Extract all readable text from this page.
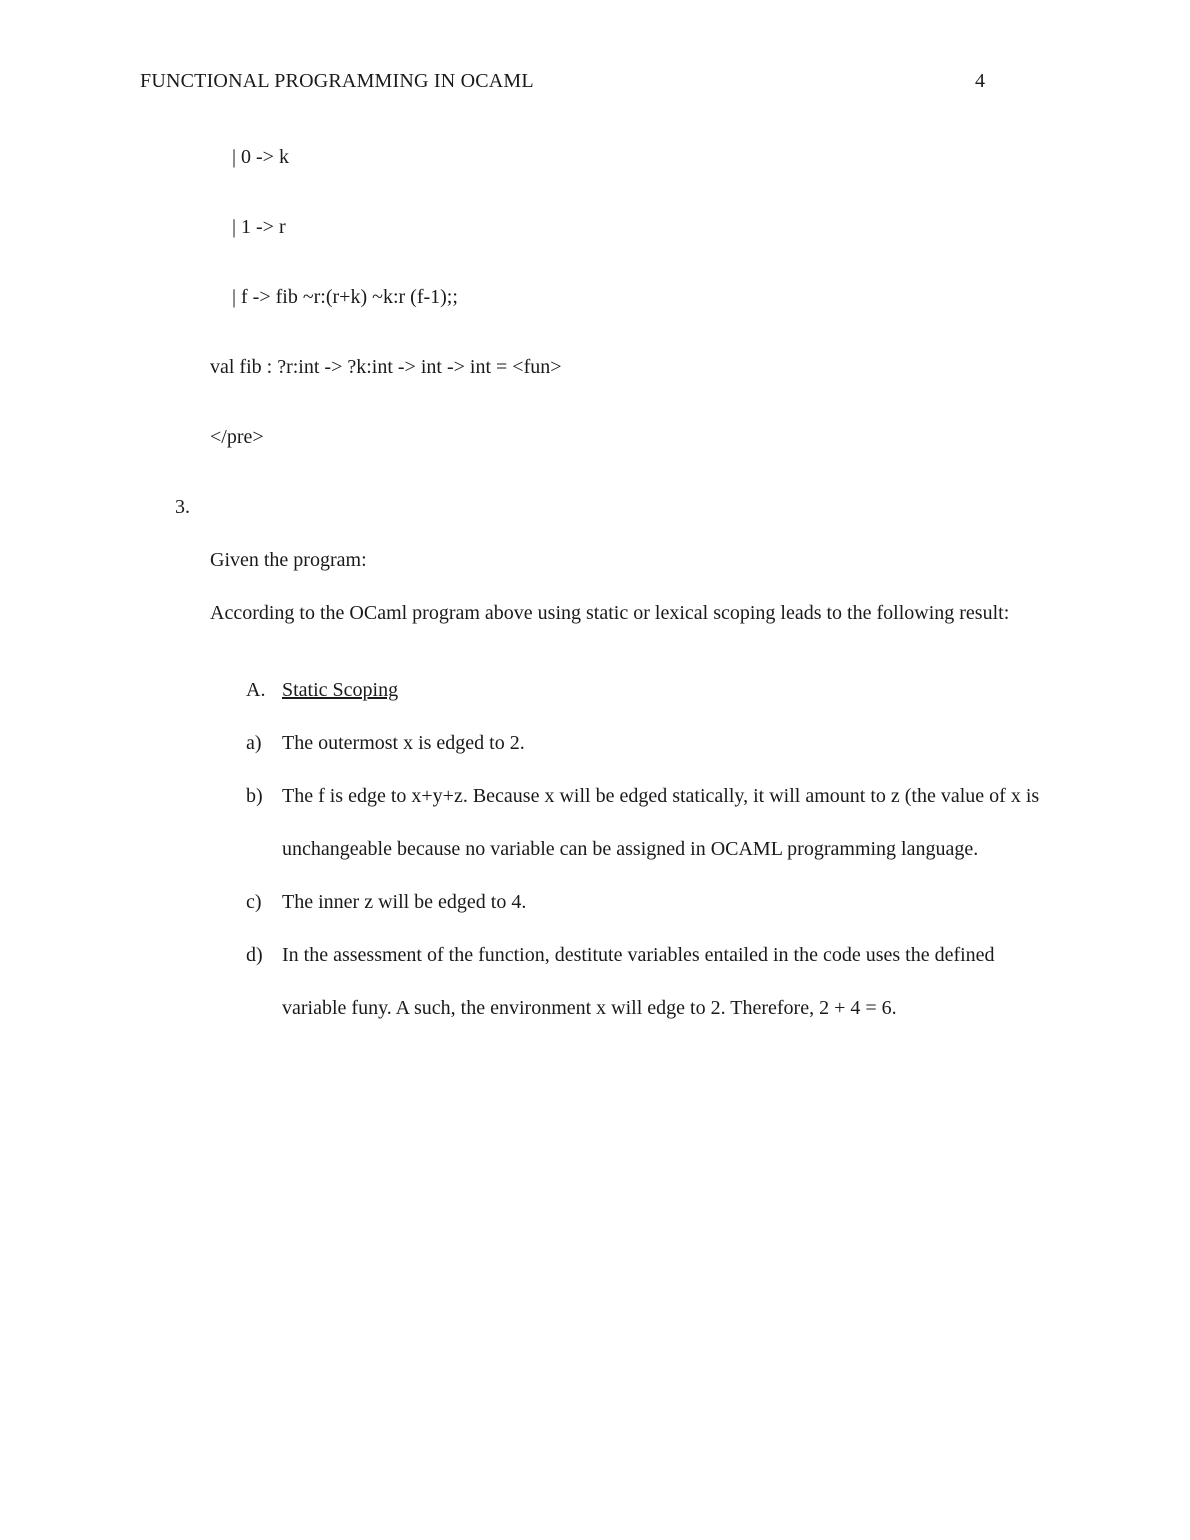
FUNCTIONAL PROGRAMMING IN OCAML	4

| 0 -> k

| 1 -> r

| f -> fib ~r:(r+k) ~k:r (f-1);;

val fib : ?r:int -> ?k:int -> int -> int = <fun>

</pre>

3.

Given the program:

According to the OCaml program above using static or lexical scoping leads to the following result:

A. Static Scoping
a)	The outermost x is edged to 2.
b) The f is edge to x+y+z. Because x will be edged statically, it will amount to z (the value of x is unchangeable because no variable can be assigned in OCAML programming language.
c)	The inner z will be edged to 4.
d) In the assessment of the function, destitute variables entailed in the code uses the defined variable funy. A such, the environment x will edge to 2. Therefore, 2 + 4 = 6.
